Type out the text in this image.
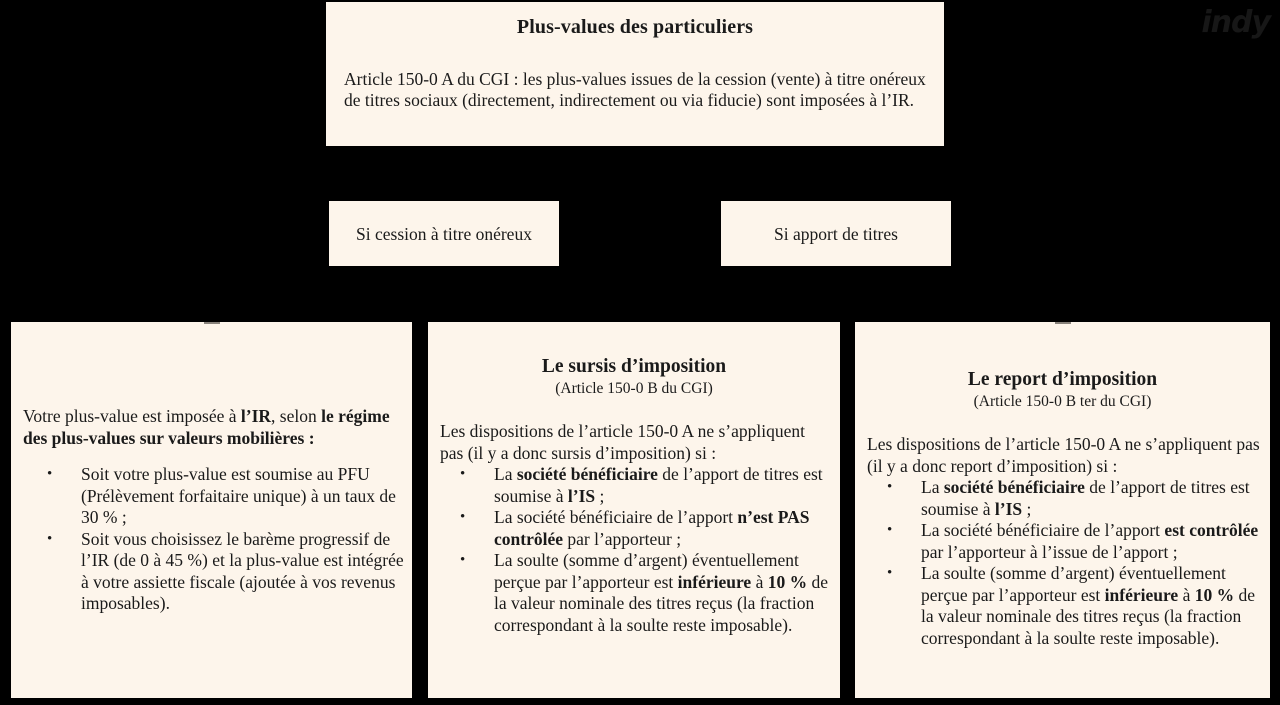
Plus-values des particuliers
Article 150-0 A du CGI : les plus-values issues de la cession (vente) à titre onéreux de titres sociaux (directement, indirectement ou via fiducie) sont imposées à l’IR.
Si cession à titre onéreux	Si apport de titres
Votre plus-value est imposée à l’IR, selon le régime des plus-values sur valeurs mobilières :
• Soit votre plus-value est soumise au PFU (Prélèvement forfaitaire unique) à un taux de 30 % ;
• Soit vous choisissez le barème progressif de l’IR (de 0 à 45 %) et la plus-value est intégrée à votre assiette fiscale (ajoutée à vos revenus imposables).
Le sursis d’imposition
(Article 150-0 B du CGI)
Les dispositions de l’article 150-0 A ne s’appliquent pas (il y a donc sursis d’imposition) si :
• La société bénéficiaire de l’apport de titres est soumise à l’IS ;
• La société bénéficiaire de l’apport n’est PAS contrôlée par l’apporteur ;
• La soulte (somme d’argent) éventuellement perçue par l’apporteur est inférieure à 10 % de la valeur nominale des titres reçus (la fraction correspondant à la soulte reste imposable).
Le report d’imposition
(Article 150-0 B ter du CGI)
Les dispositions de l’article 150-0 A ne s’appliquent pas (il y a donc report d’imposition) si :
• La société bénéficiaire de l’apport de titres est soumise à l’IS ;
• La société bénéficiaire de l’apport est contrôlée par l’apporteur à l’issue de l’apport ;
• La soulte (somme d’argent) éventuellement perçue par l’apporteur est inférieure à 10 % de la valeur nominale des titres reçus (la fraction correspondant à la soulte reste imposable).
indy
